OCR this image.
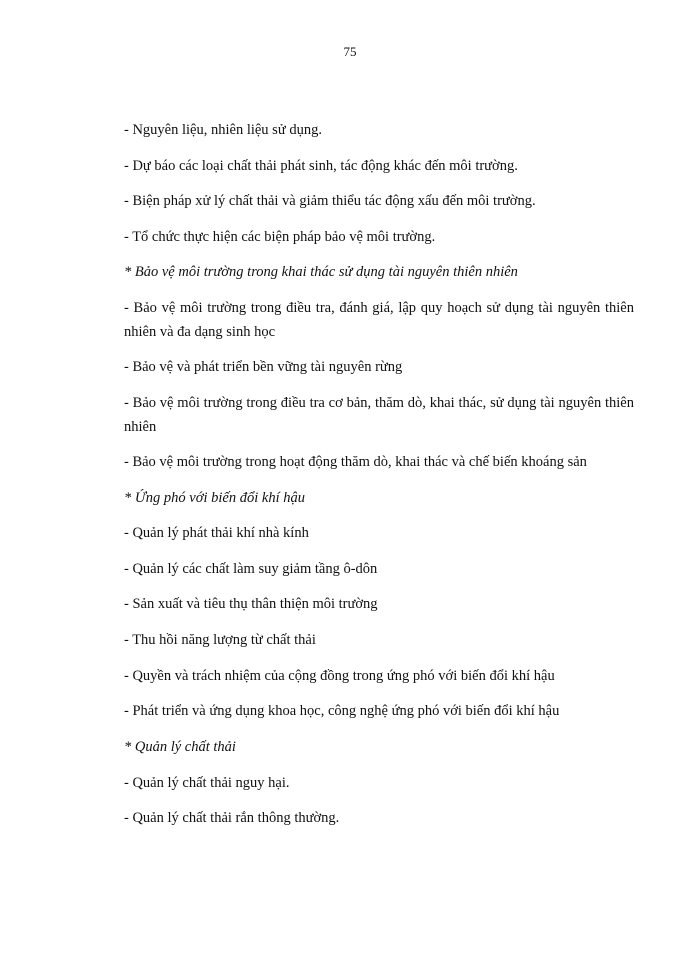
75
- Nguyên liệu, nhiên liệu sử dụng.
- Dự báo các loại chất thải phát sinh, tác động khác đến môi trường.
- Biện pháp xử lý chất thải và giảm thiểu tác động xấu đến môi trường.
- Tổ chức thực hiện các biện pháp bảo vệ môi trường.
* Bảo vệ môi trường trong khai thác sử dụng tài nguyên thiên nhiên
- Bảo vệ môi trường trong điều tra, đánh giá, lập quy hoạch sử dụng tài nguyên thiên nhiên và đa dạng sinh học
- Bảo vệ và phát triển bền vững tài nguyên rừng
- Bảo vệ môi trường trong điều tra cơ bản, thăm dò, khai thác, sử dụng tài nguyên thiên nhiên
- Bảo vệ môi trường trong hoạt động thăm dò, khai thác và chế biến khoáng sản
* Ứng phó với biến đổi khí hậu
- Quản lý phát thải khí nhà kính
- Quản lý các chất làm suy giảm tầng ô-dôn
- Sản xuất và tiêu thụ thân thiện môi trường
- Thu hồi năng lượng từ chất thải
- Quyền và trách nhiệm của cộng đồng trong ứng phó với biến đổi khí hậu
- Phát triển và ứng dụng khoa học, công nghệ ứng phó với biến đổi khí hậu
* Quản lý chất thải
- Quản lý chất thải nguy hại.
- Quản lý chất thải rắn thông thường.
